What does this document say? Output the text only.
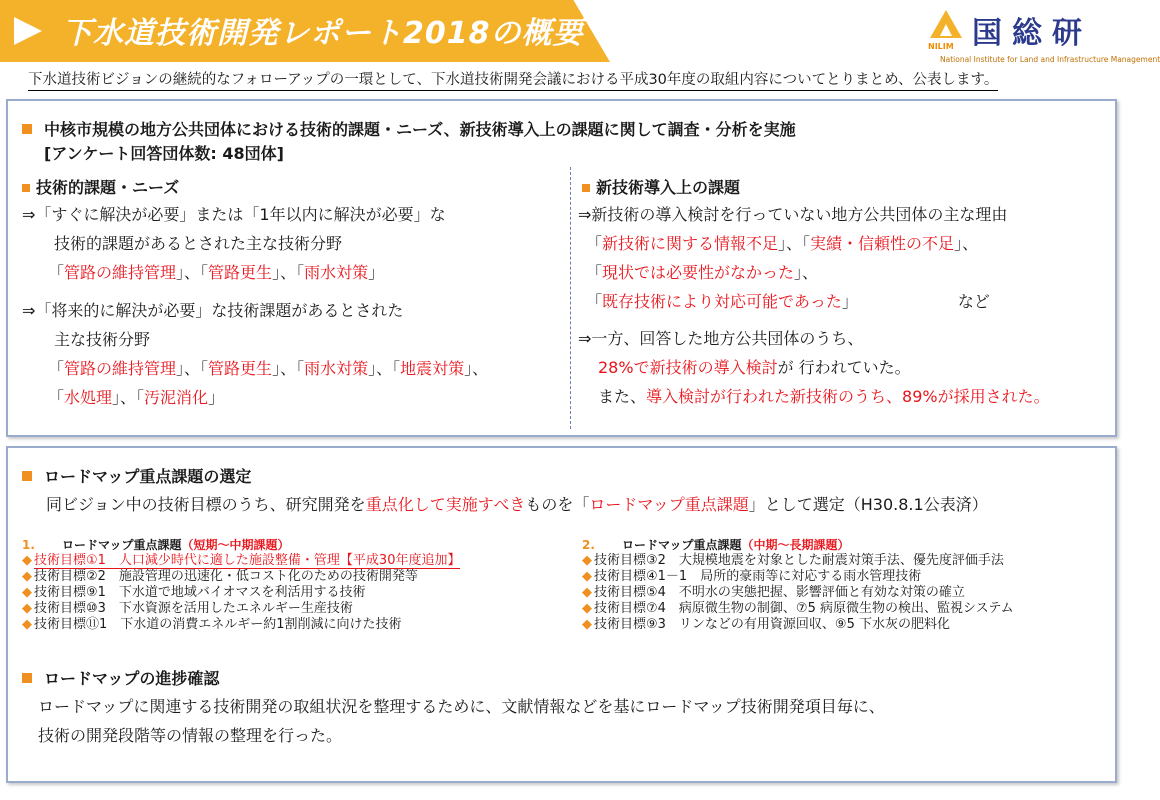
下水道技術開発レポート2018の概要	NILIM 国総研
National Institute for Land and Infrastructure Management
下水道技術ビジョンの継続的なフォローアップの一環として、下水道技術開発会議における平成30年度の取組内容についてとりまとめ、公表します。
中核市規模の地方公共団体における技術的課題・ニーズ、新技術導入上の課題に関して調査・分析を実施
[アンケート回答団体数: 48団体]
技術的課題・ニーズ
⇒「すぐに解決が必要」または「1年以内に解決が必要」な
技術的課題があるとされた主な技術分野
「管路の維持管理」、「管路更生」、「雨水対策」
⇒「将来的に解決が必要」な技術課題があるとされた
主な技術分野
「管路の維持管理」、「管路更生」、「雨水対策」、「地震対策」、
「水処理」、「汚泥消化」
新技術導入上の課題
⇒新技術の導入検討を行っていない地方公共団体の主な理由
「新技術に関する情報不足」、「実績・信頼性の不足」、
「現状では必要性がなかった」、
「既存技術により対応可能であった」	など
⇒一方、回答した地方公共団体のうち、
28%で新技術の導入検討が 行われていた。
また、導入検討が行われた新技術のうち、89%が採用された。
ロードマップ重点課題の選定
同ビジョン中の技術目標のうち、研究開発を重点化して実施すべきものを「ロードマップ重点課題」として選定（H30.8.1公表済）
1. ロードマップ重点課題（短期～中期課題）
◆ 技術目標①1　人口減少時代に適した施設整備・管理【平成30年度追加】
◆ 技術目標②2　施設管理の迅速化・低コスト化のための技術開発等
◆ 技術目標⑨1　下水道で地域バイオマスを利活用する技術
◆ 技術目標⑩3　下水資源を活用したエネルギー生産技術
◆ 技術目標⑪1　下水道の消費エネルギー約1割削減に向けた技術
2. ロードマップ重点課題（中期～長期課題）
◆ 技術目標③2　大規模地震を対象とした耐震対策手法、優先度評価手法
◆ 技術目標④1－1　局所的豪雨等に対応する雨水管理技術
◆ 技術目標⑤4　不明水の実態把握、影響評価と有効な対策の確立
◆ 技術目標⑦4　病原微生物の制御、⑦5 病原微生物の検出、監視システム
◆ 技術目標⑨3　リンなどの有用資源回収、⑨5 下水灰の肥料化
ロードマップの進捗確認
ロードマップに関連する技術開発の取組状況を整理するために、文献情報などを基にロードマップ技術開発項目毎に、
技術の開発段階等の情報の整理を行った。
